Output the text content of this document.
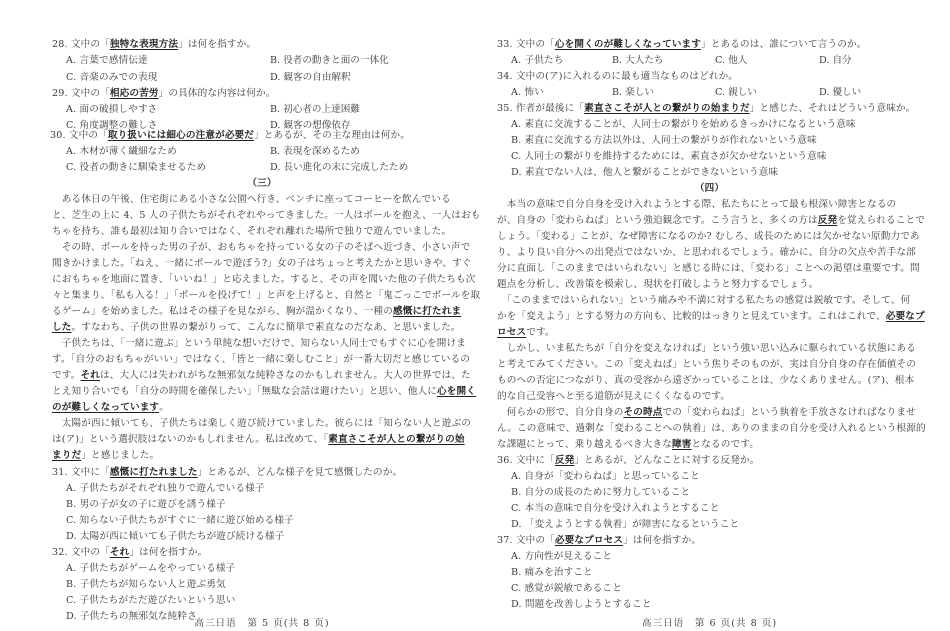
28. 文中の「独特な表現方法」は何を指すか。
A. 言葉で感情伝達	B. 役者の動きと面の一体化
C. 音楽のみでの表現	D. 観客の自由解釈
29. 文中の「相応の苦労」の具体的な内容は何か。
A. 面の破損しやすさ	B. 初心者の上達困難
C. 角度調整の難しさ	D. 観客の想像依存
30. 文中の「取り扱いには細心の注意が必要だ」とあるが、その主な理由は何か。
A. 木材が薄く繊細なため	B. 表現を深めるため
C. 役者の動きに馴染ませるため	D. 長い進化の末に完成したため
（三）
　ある休日の午後、住宅街にある小さな公園へ行き、ベンチに座ってコーヒーを飲んでいる
と、芝生の上に 4、5 人の子供たちがそれぞれやってきました。一人はボールを抱え、一人はおも
ちゃを持ち、誰も最初は知り合いではなく、それぞれ離れた場所で独りで遊んでいました。
　その時、ボールを持った男の子が、おもちゃを持っている女の子のそばへ近づき、小さい声で
聞きかけました。「ねえ、一緒にボールで遊ぼう?」女の子はちょっと考えたかと思いきや、すぐ
におもちゃを地面に置き、「いいね！」と応えました。すると、その声を聞いた他の子供たちも次
々と集まり、「私も入る！」「ボールを投げて！」と声を上げると、自然と「鬼ごっこでボールを取
るゲーム」を始めました。私はその様子を見ながら、胸が温かくなり、一種の感慨に打たれま
した。すなわち、子供の世界の繋がりって、こんなに簡単で素直なのだなあ、と思いました。
　子供たちは、「一緒に遊ぶ」という単純な想いだけで、知らない人同士でもすぐに心を開けま
す。「自分のおもちゃがいい」ではなく、「皆と一緒に楽しむこと」が一番大切だと感じているの
です。それは、大人には失われがちな無邪気な純粋さなのかもしれません。大人の世界では、た
とえ知り合いでも「自分の時間を確保したい」「無駄な会話は避けたい」と思い、他人に心を開く
のが難しくなっています。
　太陽が西に傾いても、子供たちは楽しく遊び続けていました。彼らには「知らない人と遊ぶの
は(ア)」という選択肢はないのかもしれません。私は改めて、「素直さこそが人との繋がりの始
まりだ」と感じました。
31. 文中に「感慨に打たれました」とあるが、どんな様子を見て感慨したのか。
A. 子供たちがそれぞれ独りで遊んでいる様子
B. 男の子が女の子に遊びを誘う様子
C. 知らない子供たちがすぐに一緒に遊び始める様子
D. 太陽が西に傾いても子供たちが遊び続ける様子
32. 文中の「それ」は何を指すか。
A. 子供たちがゲームをやっている様子
B. 子供たちが知らない人と遊ぶ勇気
C. 子供たちがただ遊びたいという思い
D. 子供たちの無邪気な純粋さ
33. 文中の「心を開くのが難しくなっています」とあるのは、誰について言うのか。
A. 子供たち	B. 大人たち	C. 他人	D. 自分
34. 文中の(ア)に入れるのに最も適当なものはどれか。
A. 怖い	B. 楽しい	C. 親しい	D. 優しい
35. 作者が最後に「素直さこそが人との繋がりの始まりだ」と感じた、それはどういう意味か。
A. 素直に交流することが、人同士の繋がりを始めるきっかけになるという意味
B. 素直に交流する方法以外は、人同士の繋がりが作れないという意味
C. 人同士の繋がりを維持するためには、素直さが欠かせないという意味
D. 素直でない人は、他人と繋がることができないという意味
（四）
　本当の意味で自分自身を受け入れようとする際、私たちにとって最も根深い障害となるの
が、自身の「変わらねば」という強迫観念です。こう言うと、多くの方は反発を覚えられることで
しょう。「変わる」ことが、なぜ障害になるのか? むしろ、成長のためには欠かせない原動力であ
り、より良い自分への出発点ではないか、と思われるでしょう。確かに、自分の欠点や苦手な部
分に直面し「このままではいられない」と感じる時には、「変わる」ことへの渇望は重要です。問
題点を分析し、改善策を模索し、現状を打破しようと努力するでしょう。
　「このままではいられない」という痛みや不満に対する私たちの感覚は鋭敏です。そして、何
かを「変えよう」とする努力の方向も、比較的はっきりと見えています。これはこれで、必要なプ
ロセスです。
　しかし、いま私たちが「自分を変えなければ」という強い思い込みに駆られている状態にある
と考えてみてください。この「変えねば」という焦りそのものが、実は自分自身の存在価値その
ものへの否定につながり、真の受容から遠ざかっていることは、少なくありません。(ア)、根本
的な自己受容へと至る道筋が見えにくくなるのです。
　何らかの形で、自分自身のその時点での「変わらねば」という執着を手放さなければなりませ
ん。この意味で、過剰な「変わることへの執着」は、ありのままの自分を受け入れるという根源的
な課題にとって、乗り越えるべき大きな障害となるのです。
36. 文中に「反発」とあるが、どんなことに対する反発か。
A. 自身が「変わらねば」と思っていること
B. 自分の成長のために努力していること
C. 本当の意味で自分を受け入れようとすること
D. 「変えようとする執着」が障害になるということ
37. 文中の「必要なプロセス」は何を指すか。
A. 方向性が見えること
B. 痛みを治すこと
C. 感覚が鋭敏であること
D. 問題を改善しようとすること
高三日语　第 6 页(共 8 页)
高三日语　第 5 页(共 8 页)
